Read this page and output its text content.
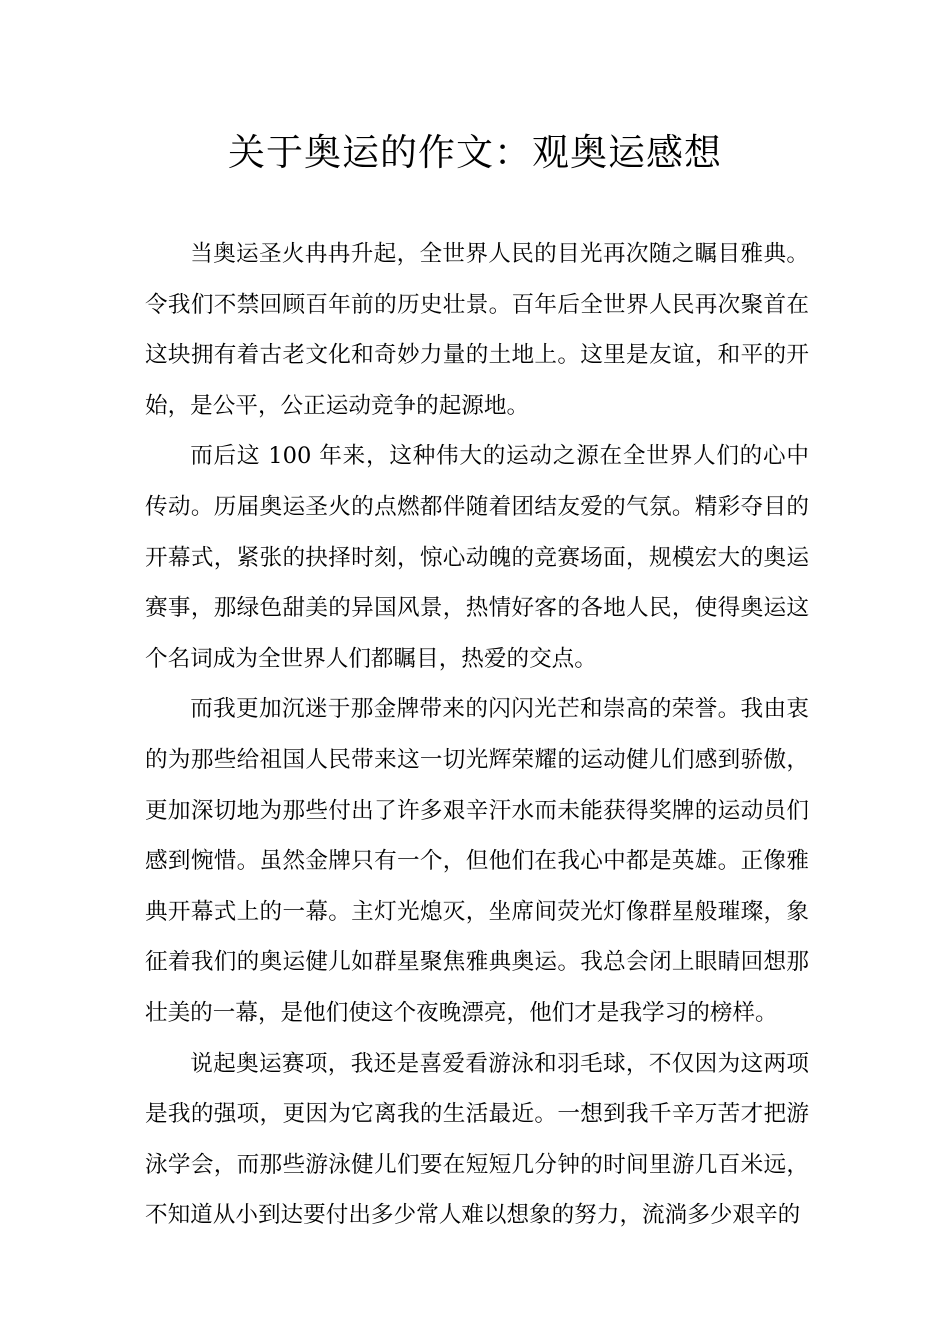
关于奥运的作文：观奥运感想

当奥运圣火冉冉升起，全世界人民的目光再次随之瞩目雅典。令我们不禁回顾百年前的历史壮景。百年后全世界人民再次聚首在这块拥有着古老文化和奇妙力量的土地上。这里是友谊，和平的开始，是公平，公正运动竞争的起源地。

而后这 100 年来，这种伟大的运动之源在全世界人们的心中传动。历届奥运圣火的点燃都伴随着团结友爱的气氛。精彩夺目的开幕式，紧张的抉择时刻，惊心动魄的竞赛场面，规模宏大的奥运赛事，那绿色甜美的异国风景，热情好客的各地人民，使得奥运这个名词成为全世界人们都瞩目，热爱的交点。

而我更加沉迷于那金牌带来的闪闪光芒和崇高的荣誉。我由衷的为那些给祖国人民带来这一切光辉荣耀的运动健儿们感到骄傲，更加深切地为那些付出了许多艰辛汗水而未能获得奖牌的运动员们感到惋惜。虽然金牌只有一个，但他们在我心中都是英雄。正像雅典开幕式上的一幕。主灯光熄灭，坐席间荧光灯像群星般璀璨，象征着我们的奥运健儿如群星聚焦雅典奥运。我总会闭上眼睛回想那壮美的一幕，是他们使这个夜晚漂亮，他们才是我学习的榜样。

说起奥运赛项，我还是喜爱看游泳和羽毛球，不仅因为这两项是我的强项，更因为它离我的生活最近。一想到我千辛万苦才把游泳学会，而那些游泳健儿们要在短短几分钟的时间里游几百米远，不知道从小到达要付出多少常人难以想象的努力，流淌多少艰辛的
